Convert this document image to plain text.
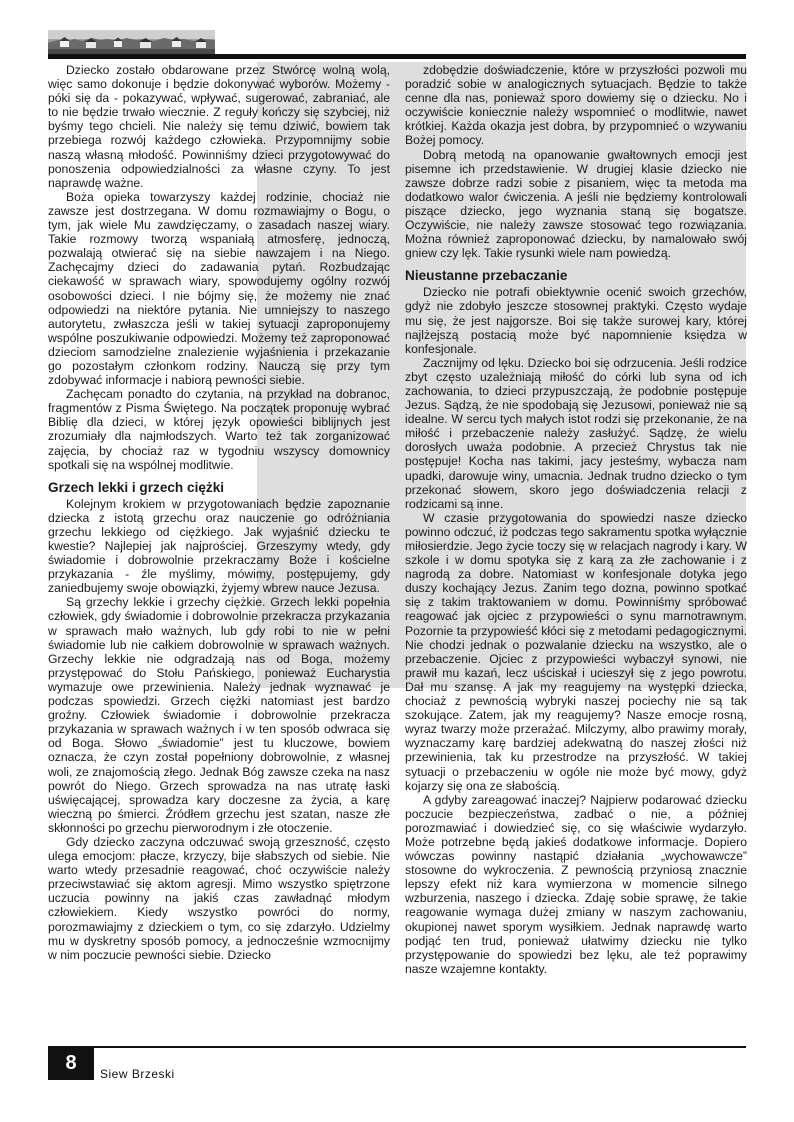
Dziecko zostało obdarowane przez Stwórcę wolną wolą, więc samo dokonuje i będzie dokonywać wyborów. Możemy - póki się da - pokazywać, wpływać, sugerować, zabraniać, ale to nie będzie trwało wiecznie. Z reguły kończy się szybciej, niż byśmy tego chcieli. Nie należy się temu dziwić, bowiem tak przebiega rozwój każdego człowieka. Przypomnijmy sobie naszą własną młodość. Powinniśmy dzieci przygotowywać do ponoszenia odpowiedzialności za własne czyny. To jest naprawdę ważne.

Boża opieka towarzyszy każdej rodzinie, chociaż nie zawsze jest dostrzegana. W domu rozmawiajmy o Bogu, o tym, jak wiele Mu zawdzięczamy, o zasadach naszej wiary. Takie rozmowy tworzą wspaniałą atmosferę, jednoczą, pozwalają otwierać się na siebie nawzajem i na Niego. Zachęcajmy dzieci do zadawania pytań. Rozbudzając ciekawość w sprawach wiary, spowodujemy ogólny rozwój osobowości dzieci. I nie bójmy się, że możemy nie znać odpowiedzi na niektóre pytania. Nie umniejszy to naszego autorytetu, zwłaszcza jeśli w takiej sytuacji zaproponujemy wspólne poszukiwanie odpowiedzi. Możemy też zaproponować dzieciom samodzielne znalezienie wyjaśnienia i przekazanie go pozostałym członkom rodziny. Nauczą się przy tym zdobywać informacje i nabiorą pewności siebie.

Zachęcam ponadto do czytania, na przykład na dobranoc, fragmentów z Pisma Świętego. Na początek proponuję wybrać Biblię dla dzieci, w której język opowieści biblijnych jest zrozumiały dla najmłodszych. Warto też tak zorganizować zajęcia, by chociaż raz w tygodniu wszyscy domownicy spotkali się na wspólnej modlitwie.

Grzech lekki i grzech ciężki

Kolejnym krokiem w przygotowaniach będzie zapoznanie dziecka z istotą grzechu oraz nauczenie go odróżniania grzechu lekkiego od ciężkiego. Jak wyjaśnić dziecku te kwestie? Najlepiej jak najprościej. Grzeszymy wtedy, gdy świadomie i dobrowolnie przekraczamy Boże i kościelne przykazania - źle myślimy, mówimy, postępujemy, gdy zaniedbujemy swoje obowiązki, żyjemy wbrew nauce Jezusa.

Są grzechy lekkie i grzechy ciężkie. Grzech lekki popełnia człowiek, gdy świadomie i dobrowolnie przekracza przykazania w sprawach mało ważnych, lub gdy robi to nie w pełni świadomie lub nie całkiem dobrowolnie w sprawach ważnych. Grzechy lekkie nie odgradzają nas od Boga, możemy przystępować do Stołu Pańskiego, ponieważ Eucharystia wymazuje owe przewinienia. Należy jednak wyznawać je podczas spowiedzi. Grzech ciężki natomiast jest bardzo groźny. Człowiek świadomie i dobrowolnie przekracza przykazania w sprawach ważnych i w ten sposób odwraca się od Boga. Słowo „świadomie” jest tu kluczowe, bowiem oznacza, że czyn został popełniony dobrowolnie, z własnej woli, ze znajomością złego. Jednak Bóg zawsze czeka na nasz powrót do Niego. Grzech sprowadza na nas utratę łaski uświęcającej, sprowadza kary doczesne za życia, a karę wieczną po śmierci. Źródłem grzechu jest szatan, nasze złe skłonności po grzechu pierworodnym i złe otoczenie.

Gdy dziecko zaczyna odczuwać swoją grzeszność, często ulega emocjom: płacze, krzyczy, bije słabszych od siebie. Nie warto wtedy przesadnie reagować, choć oczywiście należy przeciwstawiać się aktom agresji. Mimo wszystko spiętrzone uczucia powinny na jakiś czas zawładnąć młodym człowiekiem. Kiedy wszystko powróci do normy, porozmawiajmy z dzieckiem o tym, co się zdarzyło. Udzielmy mu w dyskretny sposób pomocy, a jednocześnie wzmocnijmy w nim poczucie pewności siebie. Dziecko

zdobędzie doświadczenie, które w przyszłości pozwoli mu poradzić sobie w analogicznych sytuacjach. Będzie to także cenne dla nas, ponieważ sporo dowiemy się o dziecku. No i oczywiście koniecznie należy wspomnieć o modlitwie, nawet krótkiej. Każda okazja jest dobra, by przypomnieć o wzywaniu Bożej pomocy.

Dobrą metodą na opanowanie gwałtownych emocji jest pisemne ich przedstawienie. W drugiej klasie dziecko nie zawsze dobrze radzi sobie z pisaniem, więc ta metoda ma dodatkowo walor ćwiczenia. A jeśli nie będziemy kontrolowali piszące dziecko, jego wyznania staną się bogatsze. Oczywiście, nie należy zawsze stosować tego rozwiązania. Można również zaproponować dziecku, by namalowało swój gniew czy lęk. Takie rysunki wiele nam powiedzą.

Nieustanne przebaczanie

Dziecko nie potrafi obiektywnie ocenić swoich grzechów, gdyż nie zdobyło jeszcze stosownej praktyki. Często wydaje mu się, że jest najgorsze. Boi się także surowej kary, której najlżejszą postacią może być napomnienie księdza w konfesjonale.

Zacznijmy od lęku. Dziecko boi się odrzucenia. Jeśli rodzice zbyt często uzależniają miłość do córki lub syna od ich zachowania, to dzieci przypuszczają, że podobnie postępuje Jezus. Sądzą, że nie spodobają się Jezusowi, ponieważ nie są idealne. W sercu tych małych istot rodzi się przekonanie, że na miłość i przebaczenie należy zasłużyć. Sądzę, że wielu dorosłych uważa podobnie. A przecież Chrystus tak nie postępuje! Kocha nas takimi, jacy jesteśmy, wybacza nam upadki, darowuje winy, umacnia. Jednak trudno dziecko o tym przekonać słowem, skoro jego doświadczenia relacji z rodzicami są inne.

W czasie przygotowania do spowiedzi nasze dziecko powinno odczuć, iż podczas tego sakramentu spotka wyłącznie miłosierdzie. Jego życie toczy się w relacjach nagrody i kary. W szkole i w domu spotyka się z karą za złe zachowanie i z nagrodą za dobre. Natomiast w konfesjonale dotyka jego duszy kochający Jezus. Zanim tego dozna, powinno spotkać się z takim traktowaniem w domu. Powinniśmy spróbować reagować jak ojciec z przypowieści o synu marnotrawnym. Pozornie ta przypowieść kłóci się z metodami pedagogicznymi. Nie chodzi jednak o pozwalanie dziecku na wszystko, ale o przebaczenie. Ojciec z przypowieści wybaczył synowi, nie prawił mu kazań, lecz uściskał i ucieszył się z jego powrotu. Dał mu szansę. A jak my reagujemy na występki dziecka, chociaż z pewnością wybryki naszej pociechy nie są tak szokujące. Zatem, jak my reagujemy? Nasze emocje rosną, wyraz twarzy może przerażać. Milczymy, albo prawimy morały, wyznaczamy karę bardziej adekwatną do naszej złości niż przewinienia, tak ku przestrodze na przyszłość. W takiej sytuacji o przebaczeniu w ogóle nie może być mowy, gdyż kojarzy się ona ze słabością.

A gdyby zareagować inaczej? Najpierw podarować dziecku poczucie bezpieczeństwa, zadbać o nie, a później porozmawiać i dowiedzieć się, co się właściwie wydarzyło. Może potrzebne będą jakieś dodatkowe informacje. Dopiero wówczas powinny nastąpić działania „wychowawcze” stosowne do wykroczenia. Z pewnością przyniosą znacznie lepszy efekt niż kara wymierzona w momencie silnego wzburzenia, naszego i dziecka. Zdaję sobie sprawę, że takie reagowanie wymaga dużej zmiany w naszym zachowaniu, okupionej nawet sporym wysiłkiem. Jednak naprawdę warto podjąć ten trud, ponieważ ułatwimy dziecku nie tylko przystępowanie do spowiedzi bez lęku, ale też poprawimy nasze wzajemne kontakty.

8	Siew Brzeski
